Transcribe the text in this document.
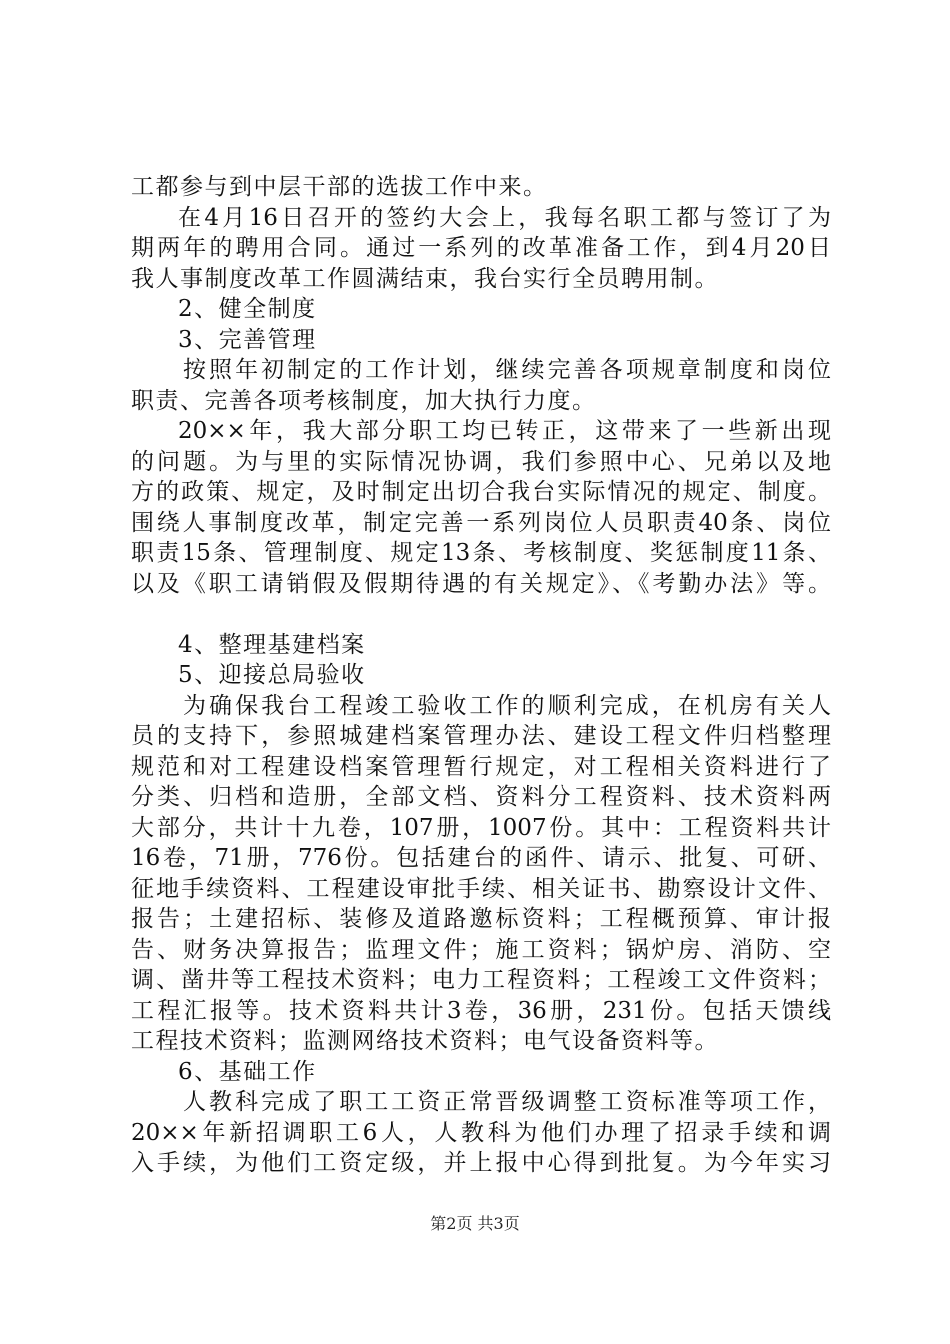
工都参与到中层干部的选拔工作中来。
在4月16日召开的签约大会上，我每名职工都与签订了为
期两年的聘用合同。通过一系列的改革准备工作，到4月20日
我人事制度改革工作圆满结束，我台实行全员聘用制。
2、健全制度
3、完善管理
按照年初制定的工作计划，继续完善各项规章制度和岗位
职责、完善各项考核制度，加大执行力度。
20××年，我大部分职工均已转正，这带来了一些新出现
的问题。为与里的实际情况协调，我们参照中心、兄弟以及地
方的政策、规定，及时制定出切合我台实际情况的规定、制度。
围绕人事制度改革，制定完善一系列岗位人员职责40条、岗位
职责15条、管理制度、规定13条、考核制度、奖惩制度11条、
以及《职工请销假及假期待遇的有关规定》、《考勤办法》等。
4、整理基建档案
5、迎接总局验收
为确保我台工程竣工验收工作的顺利完成，在机房有关人
员的支持下，参照城建档案管理办法、建设工程文件归档整理
规范和对工程建设档案管理暂行规定，对工程相关资料进行了
分类、归档和造册，全部文档、资料分工程资料、技术资料两
大部分，共计十九卷，107册，1007份。其中：工程资料共计
16卷，71册，776份。包括建台的函件、请示、批复、可研、
征地手续资料、工程建设审批手续、相关证书、勘察设计文件、
报告；土建招标、装修及道路邀标资料；工程概预算、审计报
告、财务决算报告；监理文件；施工资料；锅炉房、消防、空
调、凿井等工程技术资料；电力工程资料；工程竣工文件资料；
工程汇报等。技术资料共计3卷，36册，231份。包括天馈线
工程技术资料；监测网络技术资料；电气设备资料等。
6、基础工作
人教科完成了职工工资正常晋级调整工资标准等项工作，
20××年新招调职工6人，人教科为他们办理了招录手续和调
入手续，为他们工资定级，并上报中心得到批复。为今年实习
第2页 共3页
